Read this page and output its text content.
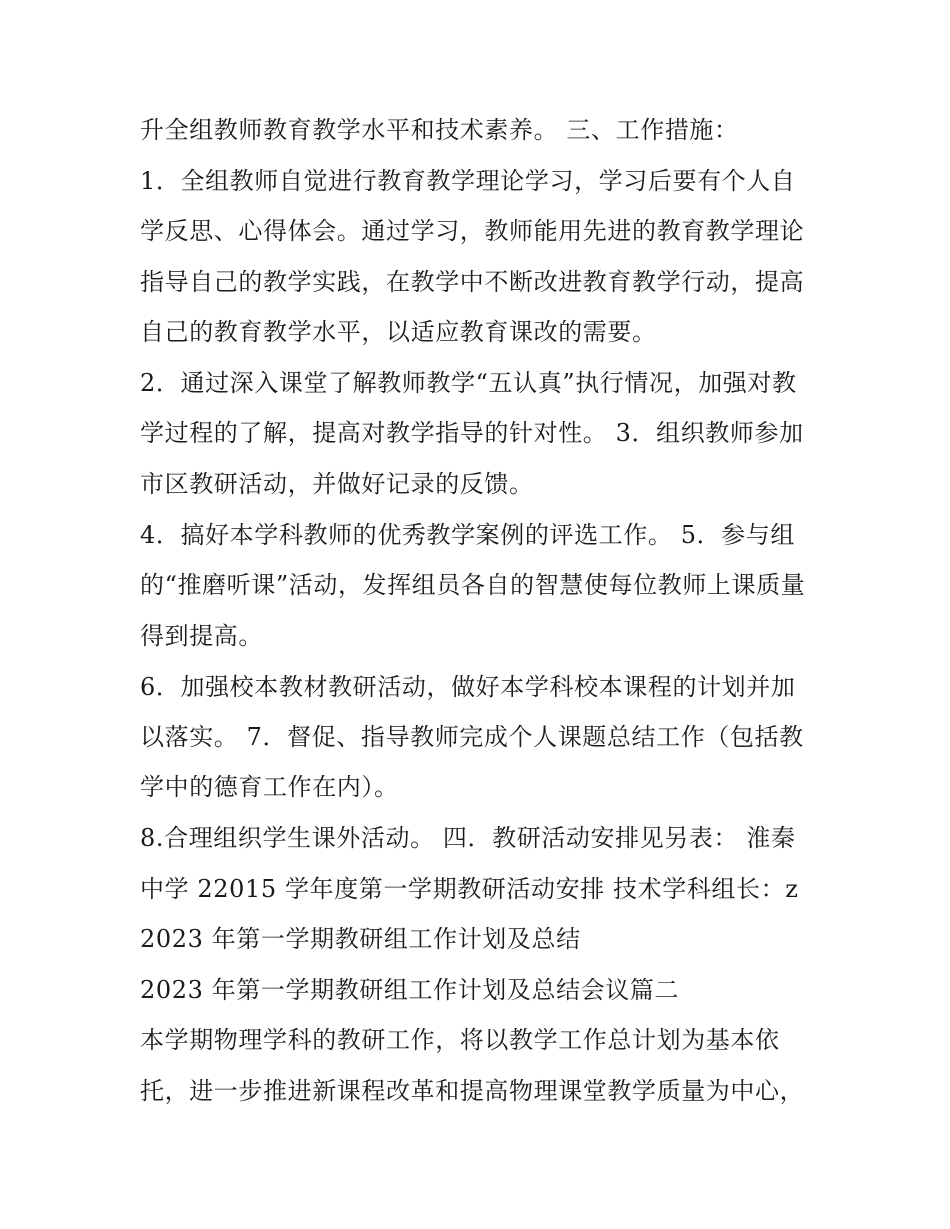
升全组教师教育教学水平和技术素养。 三、工作措施：
1．全组教师自觉进行教育教学理论学习，学习后要有个人自
学反思、心得体会。通过学习，教师能用先进的教育教学理论
指导自己的教学实践，在教学中不断改进教育教学行动，提高
自己的教育教学水平，以适应教育课改的需要。
2．通过深入课堂了解教师教学“五认真”执行情况，加强对教
学过程的了解，提高对教学指导的针对性。 3．组织教师参加
市区教研活动，并做好记录的反馈。
4．搞好本学科教师的优秀教学案例的评选工作。 5．参与组
的“推磨听课”活动，发挥组员各自的智慧使每位教师上课质量
得到提高。
6．加强校本教材教研活动，做好本学科校本课程的计划并加
以落实。 7．督促、指导教师完成个人课题总结工作（包括教
学中的德育工作在内）。
8.合理组织学生课外活动。 四．教研活动安排见另表： 淮秦
中学 22015 学年度第一学期教研活动安排 技术学科组长：z
2023 年第一学期教研组工作计划及总结
2023 年第一学期教研组工作计划及总结会议篇二
本学期物理学科的教研工作，将以教学工作总计划为基本依
托，进一步推进新课程改革和提高物理课堂教学质量为中心，
